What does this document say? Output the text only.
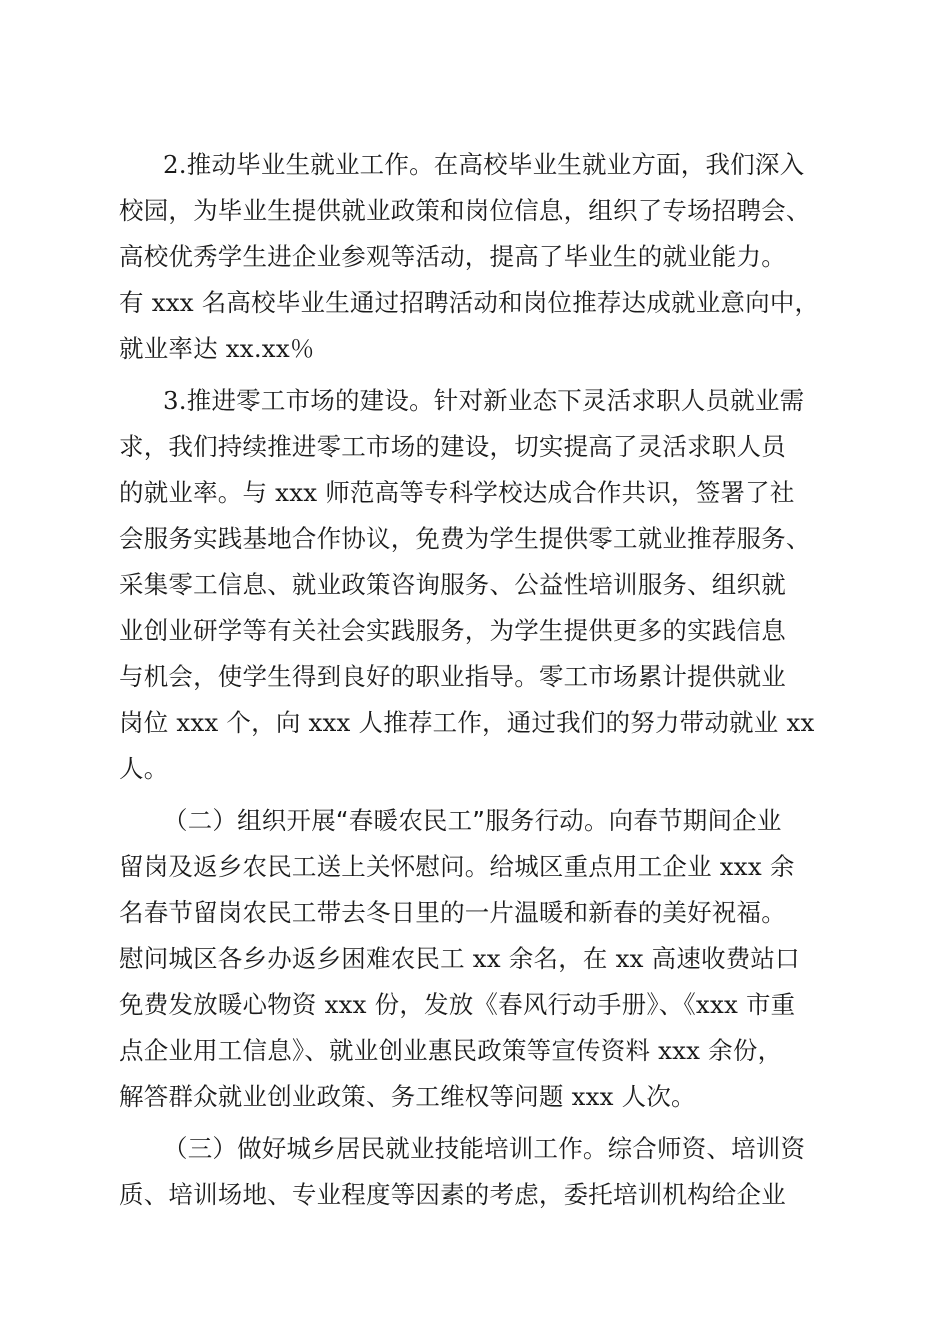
2.推动毕业生就业工作。在高校毕业生就业方面，我们深入
校园，为毕业生提供就业政策和岗位信息，组织了专场招聘会、
高校优秀学生进企业参观等活动，提高了毕业生的就业能力。
有 xxx 名高校毕业生通过招聘活动和岗位推荐达成就业意向中，
就业率达 xx.xx％
3.推进零工市场的建设。针对新业态下灵活求职人员就业需
求，我们持续推进零工市场的建设，切实提高了灵活求职人员
的就业率。与 xxx 师范高等专科学校达成合作共识，签署了社
会服务实践基地合作协议，免费为学生提供零工就业推荐服务、
采集零工信息、就业政策咨询服务、公益性培训服务、组织就
业创业研学等有关社会实践服务，为学生提供更多的实践信息
与机会，使学生得到良好的职业指导。零工市场累计提供就业
岗位 xxx 个，向 xxx 人推荐工作，通过我们的努力带动就业 xx
人。
（二）组织开展“春暖农民工”服务行动。向春节期间企业
留岗及返乡农民工送上关怀慰问。给城区重点用工企业 xxx 余
名春节留岗农民工带去冬日里的一片温暖和新春的美好祝福。
慰问城区各乡办返乡困难农民工 xx 余名，在 xx 高速收费站口
免费发放暖心物资 xxx 份，发放《春风行动手册》、《xxx 市重
点企业用工信息》、就业创业惠民政策等宣传资料 xxx 余份，
解答群众就业创业政策、务工维权等问题 xxx 人次。
（三）做好城乡居民就业技能培训工作。综合师资、培训资
质、培训场地、专业程度等因素的考虑，委托培训机构给企业
